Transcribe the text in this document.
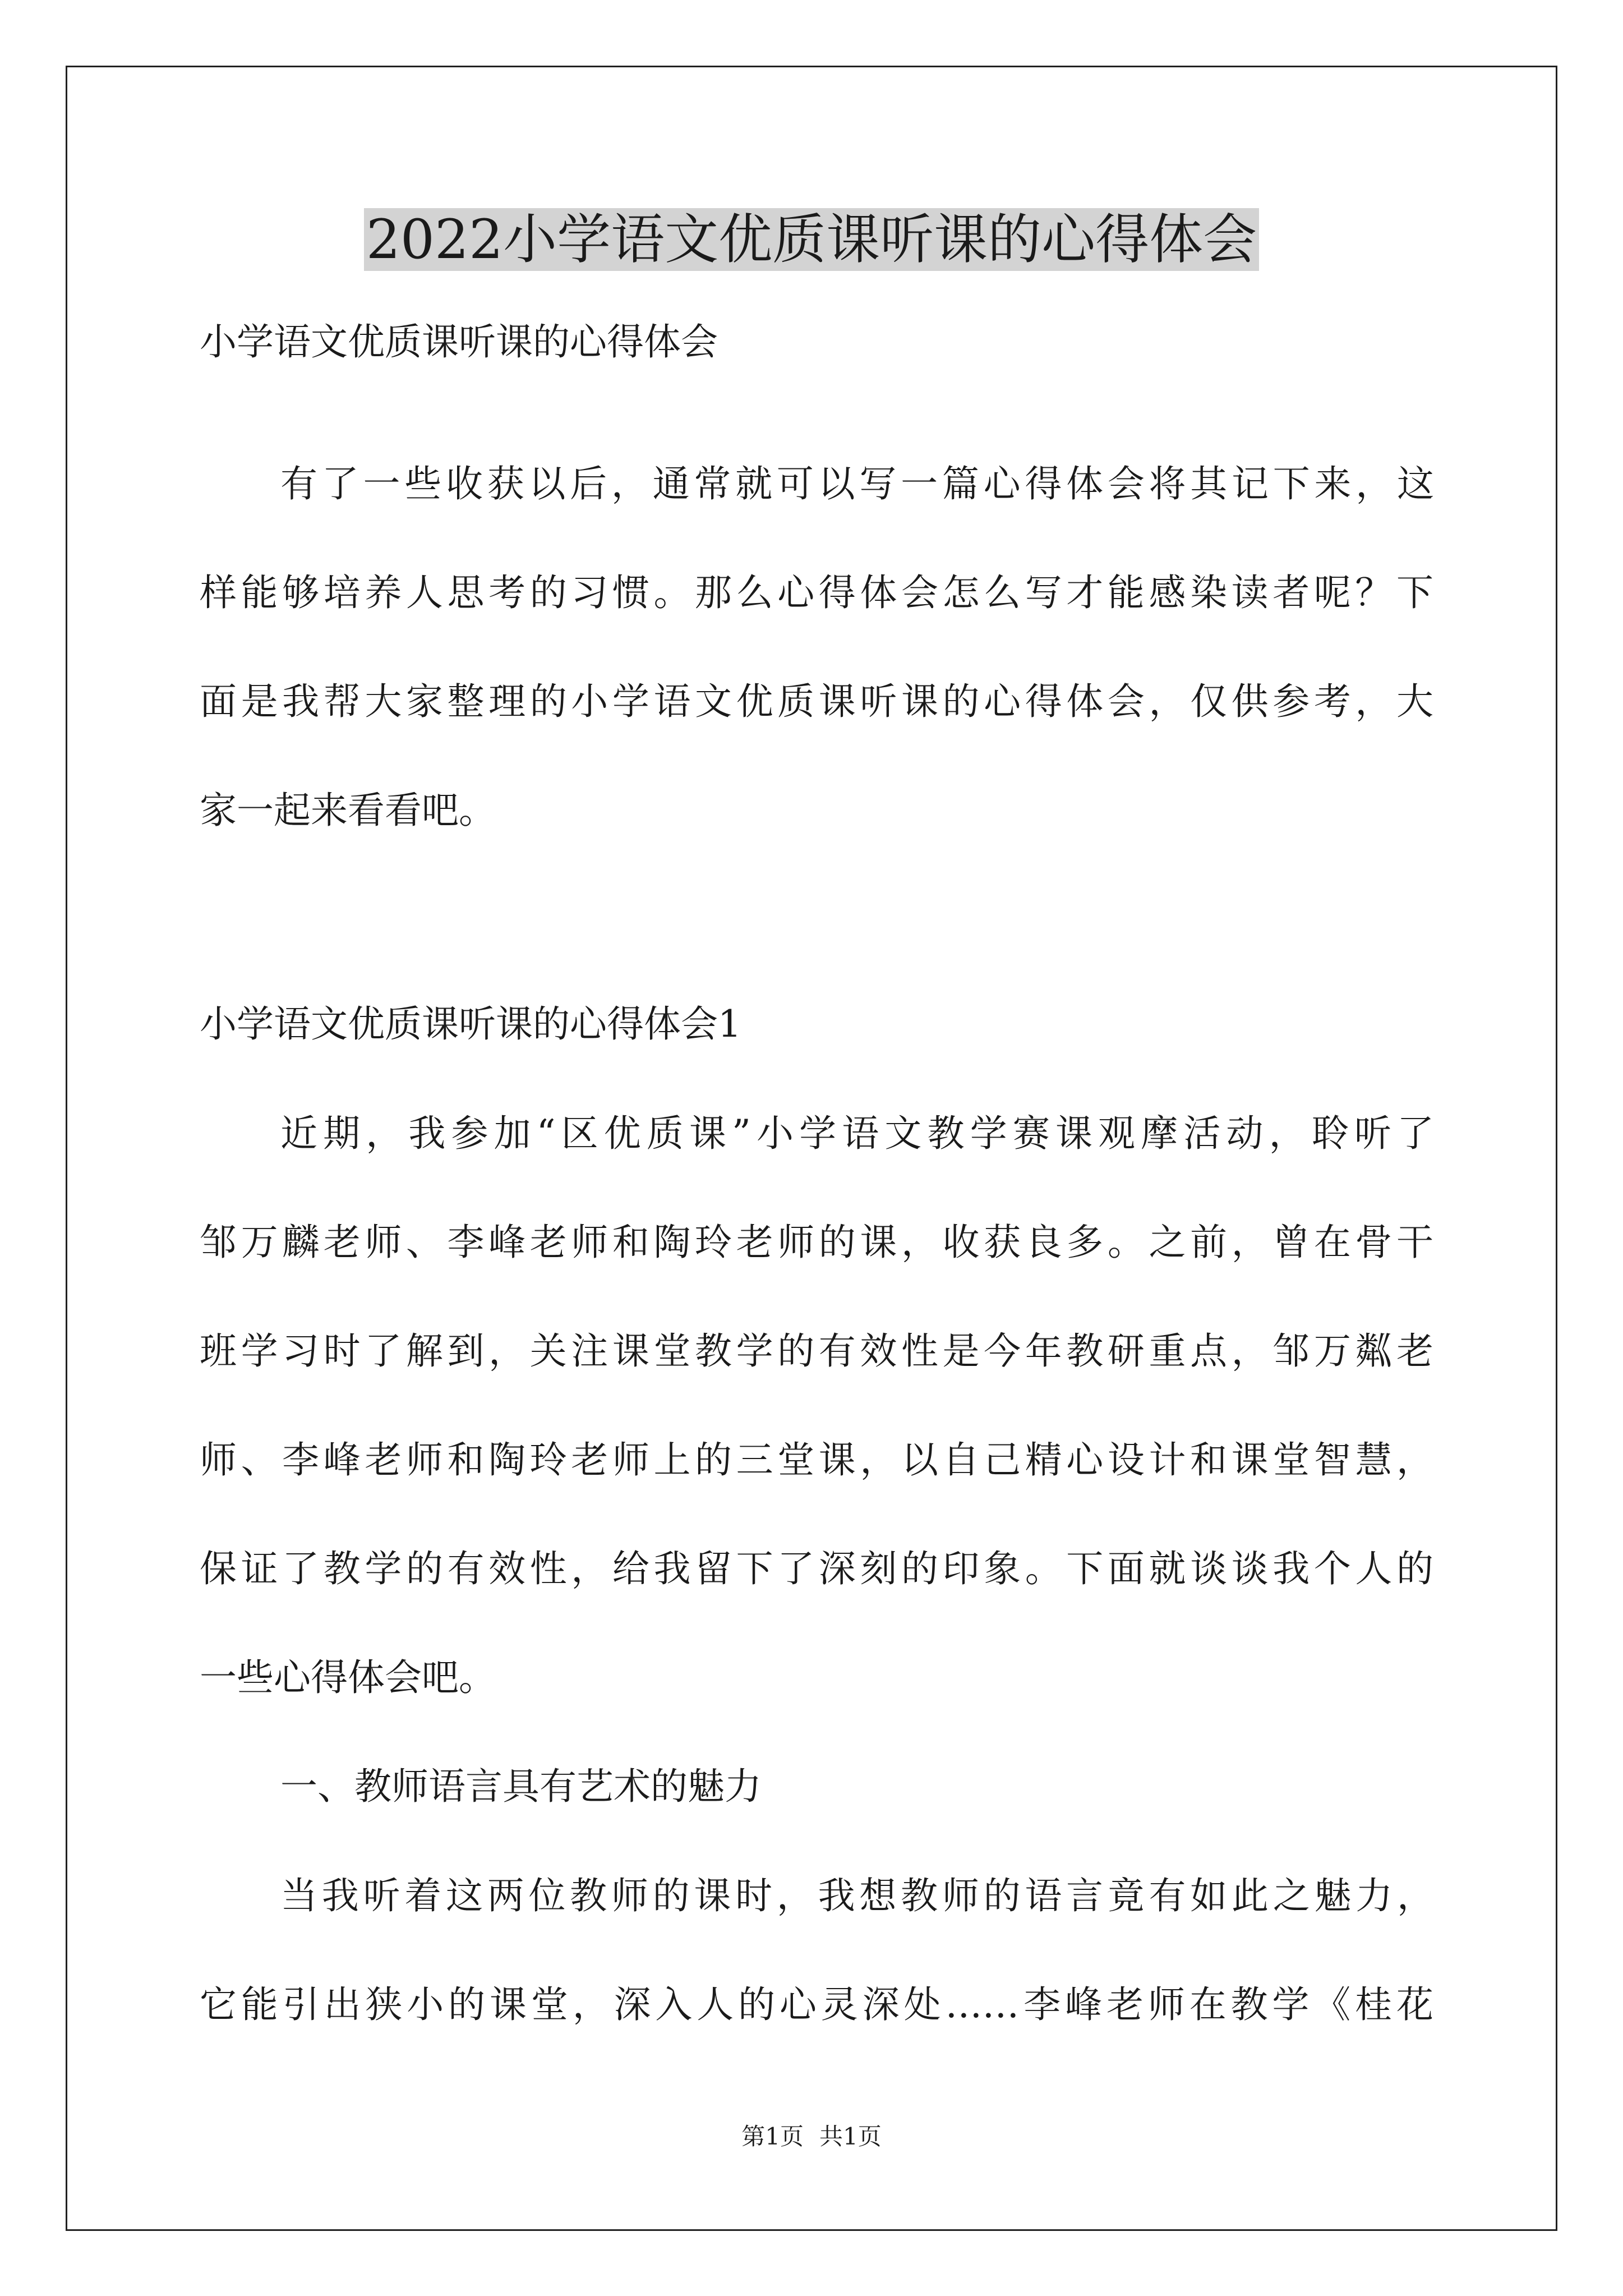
2022小学语文优质课听课的心得体会
小学语文优质课听课的心得体会
有了一些收获以后，通常就可以写一篇心得体会将其记下来，这
样能够培养人思考的习惯。那么心得体会怎么写才能感染读者呢？下
面是我帮大家整理的小学语文优质课听课的心得体会，仅供参考，大
家一起来看看吧。
小学语文优质课听课的心得体会1
近期，我参加“区优质课”小学语文教学赛课观摩活动，聆听了
邹万麟老师、李峰老师和陶玲老师的课，收获良多。之前，曾在骨干
班学习时了解到，关注课堂教学的有效性是今年教研重点，邹万粼老
师、李峰老师和陶玲老师上的三堂课，以自己精心设计和课堂智慧，
保证了教学的有效性，给我留下了深刻的印象。下面就谈谈我个人的
一些心得体会吧。
一、教师语言具有艺术的魅力
当我听着这两位教师的课时，我想教师的语言竟有如此之魅力，
它能引出狭小的课堂，深入人的心灵深处……李峰老师在教学《桂花
第1页 共1页
